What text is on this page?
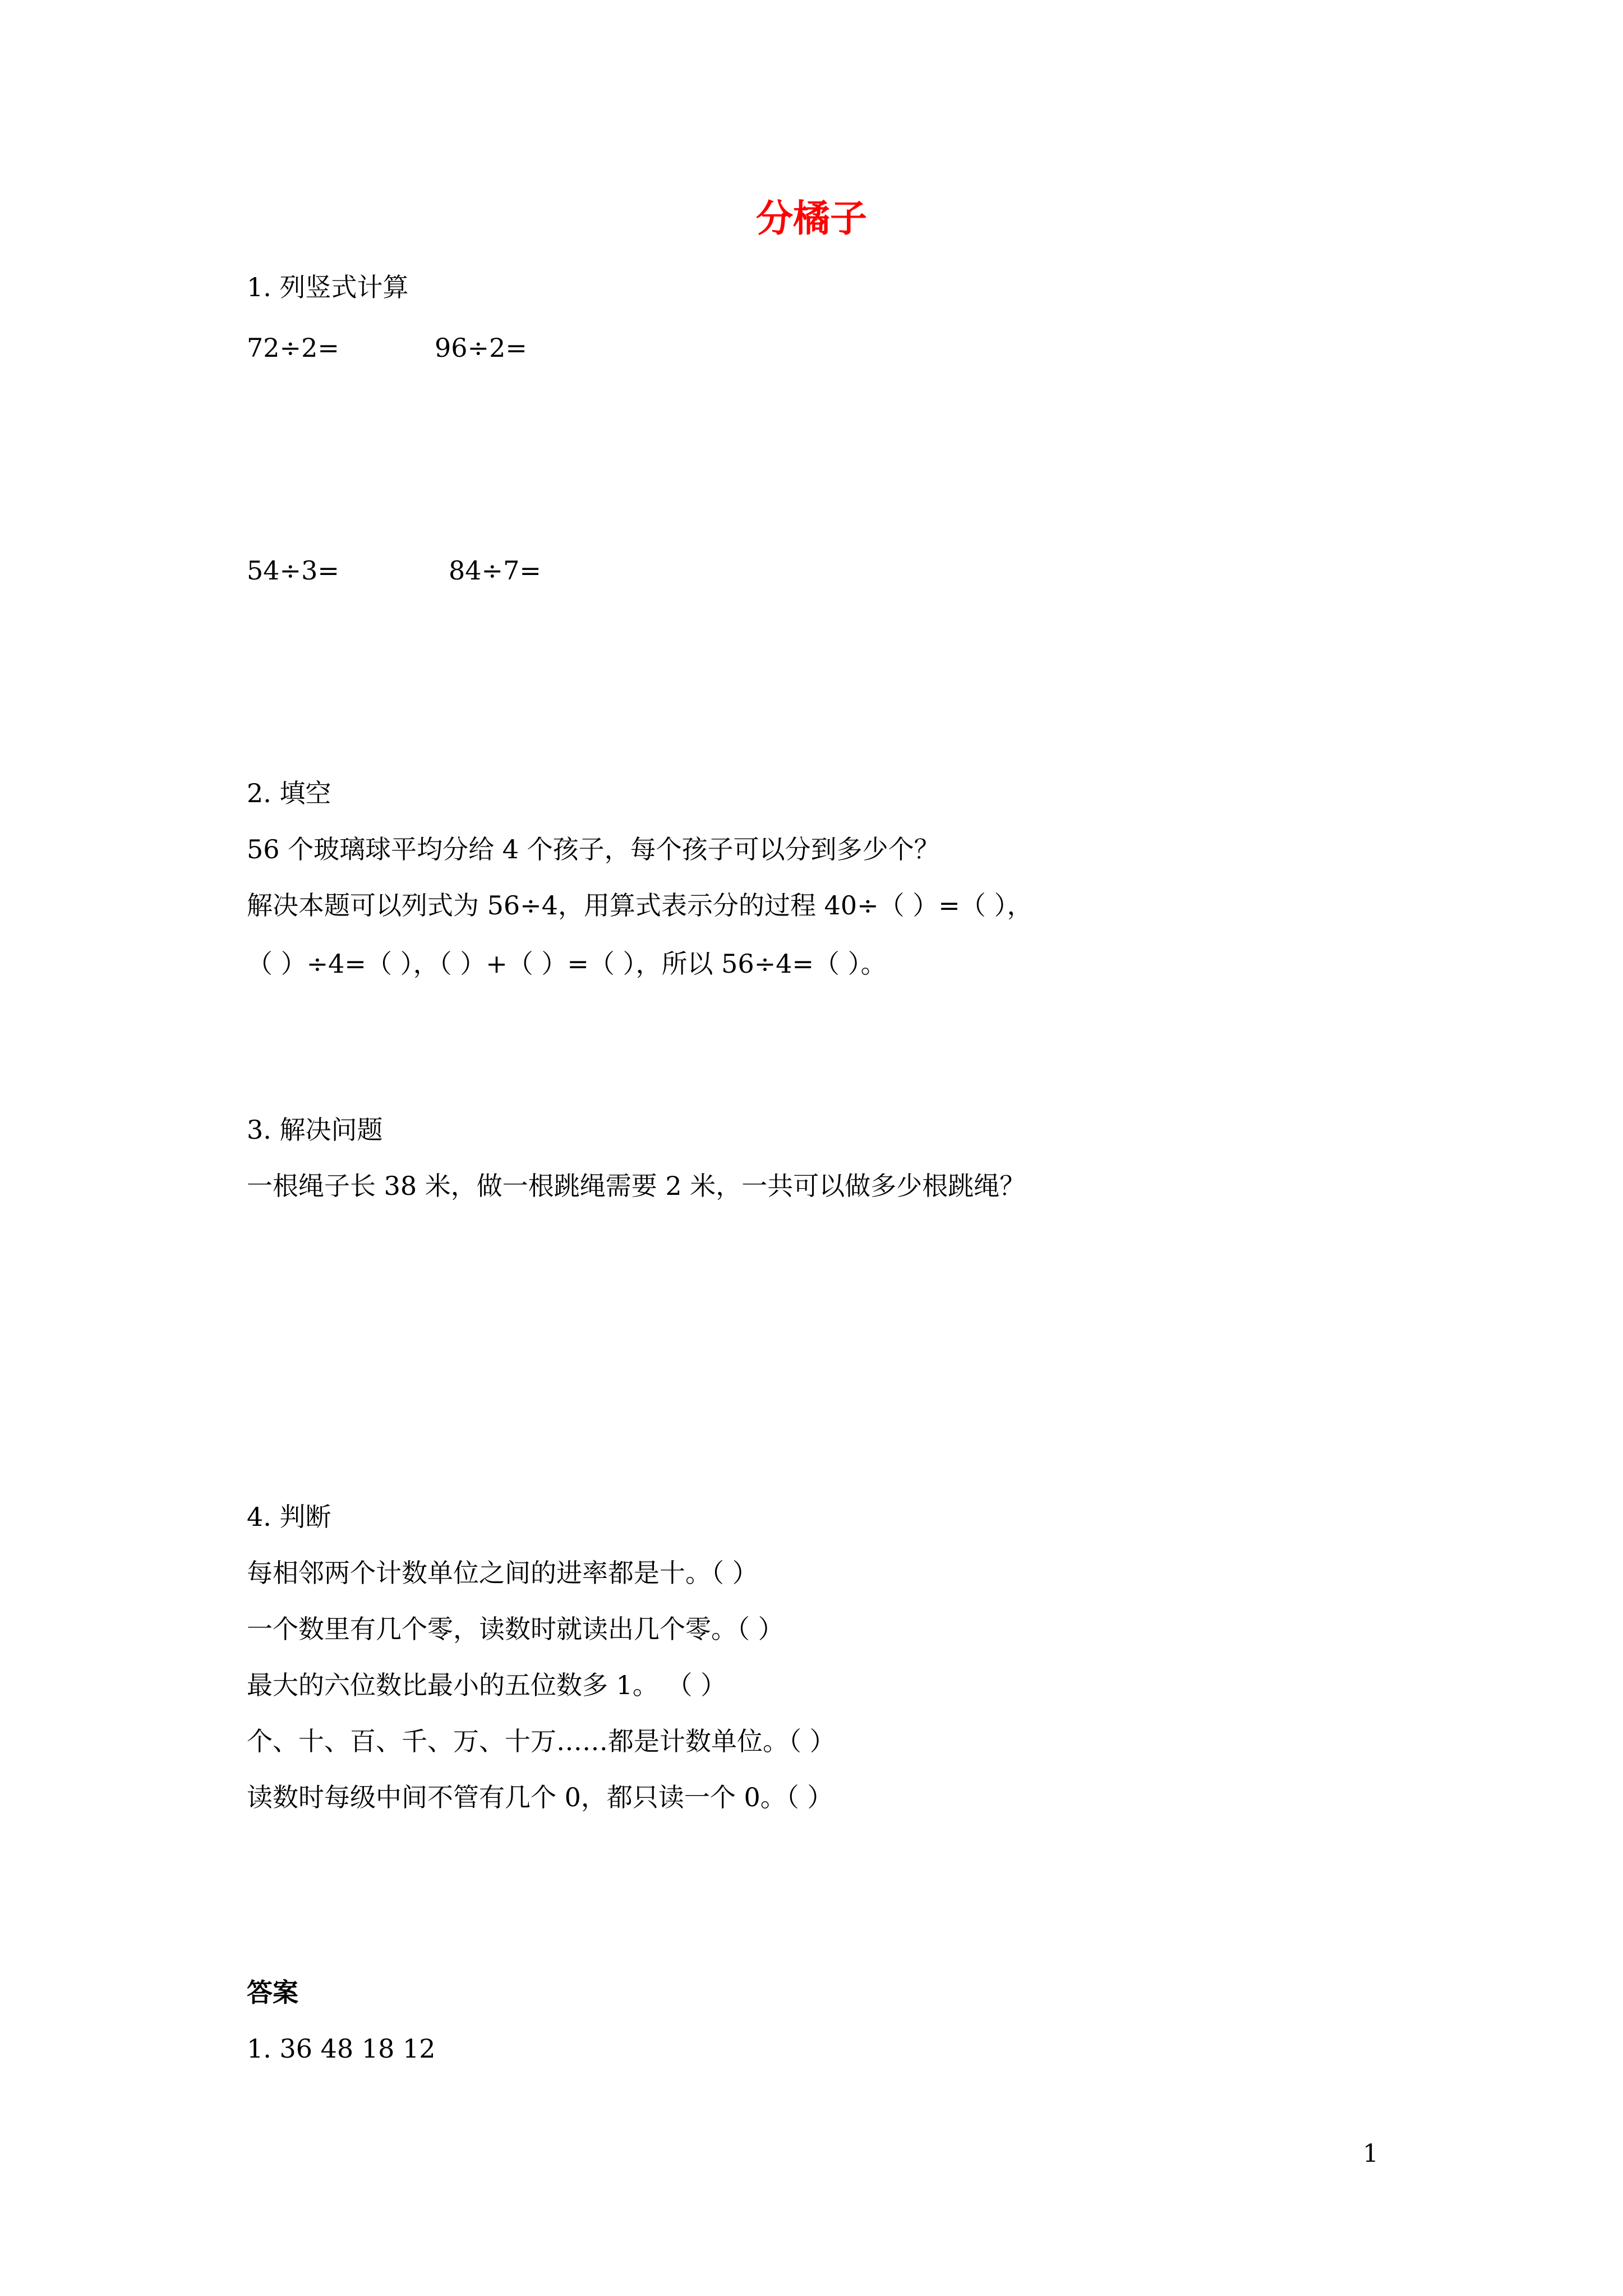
分橘子
1. 列竖式计算
72÷2=	96÷2=
54÷3=	84÷7=
2. 填空
56 个玻璃球平均分给 4 个孩子，每个孩子可以分到多少个？
解决本题可以列式为 56÷4，用算式表示分的过程 40÷（ ）=（ ），
（ ）÷4=（ ），（ ）+（ ）=（ ），所以 56÷4=（ ）。
3. 解决问题
一根绳子长 38 米，做一根跳绳需要 2 米，一共可以做多少根跳绳？
4. 判断
每相邻两个计数单位之间的进率都是十。（ ）
一个数里有几个零，读数时就读出几个零。（ ）
最大的六位数比最小的五位数多 1。 （ ）
个、十、百、千、万、十万……都是计数单位。（ ）
读数时每级中间不管有几个 0，都只读一个 0。（ ）
答案
1. 36 48 18 12
1
